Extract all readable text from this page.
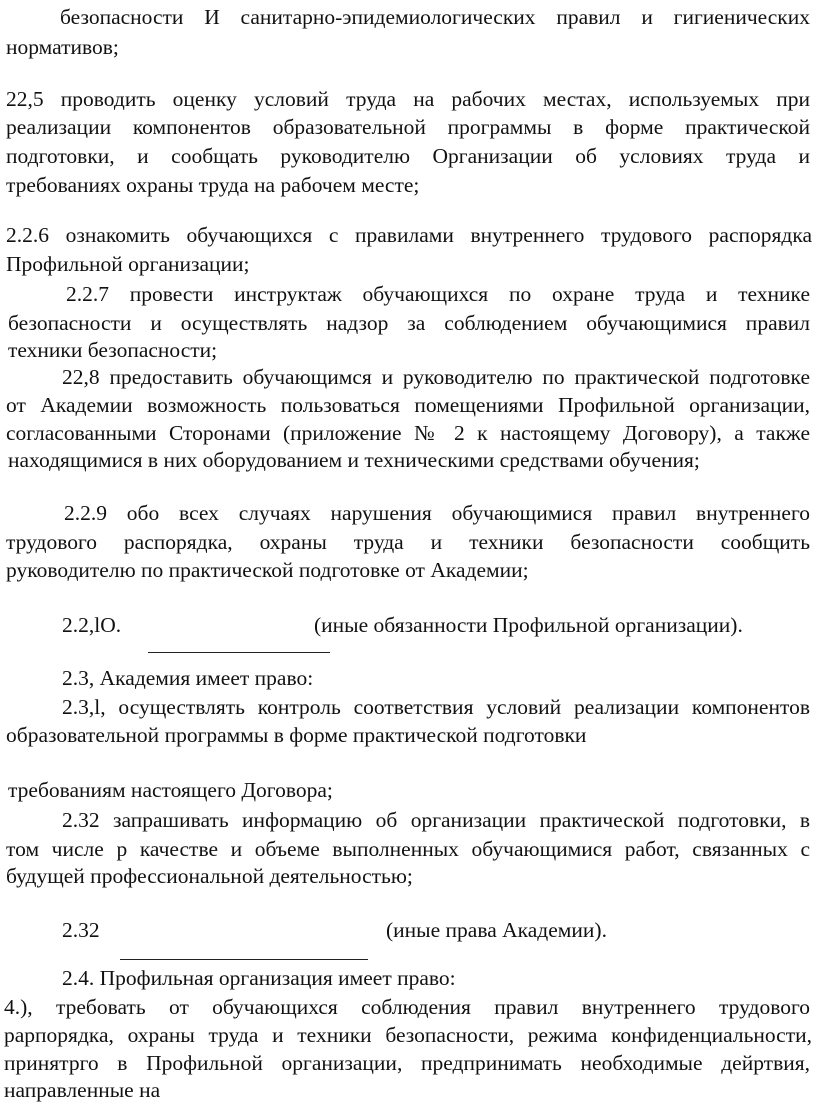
безопасности И санитарно-эпидемиологических правил и гигиенических
нормативов;
22,5 проводить оценку условий труда на рабочих местах, используемых при
реализации компонентов образовательной программы в форме практической
подготовки, и сообщать руководителю Организации об условиях труда и
требованиях охраны труда на рабочем месте;
2.2.6 ознакомить обучающихся с правилами внутреннего трудового распорядка
Профильной организации;
2.2.7 провести инструктаж обучающихся по охране труда и технике
безопасности и осуществлять надзор за соблюдением обучающимися правил
техники безопасности;
22,8 предоставить обучающимся и руководителю по практической подготовке
от Академии возможность пользоваться помещениями Профильной организации,
согласованными Сторонами (приложение № 2 к настоящему Договору), а также
находящимися в них оборудованием и техническими средствами обучения;
2.2.9 обо всех случаях нарушения обучающимися правил внутреннего
трудового распорядка, охраны труда и техники безопасности сообщить
руководителю по практической подготовке от Академии;
2.2,lO.	(иные обязанности Профильной организации).
2.3, Академия имеет право:
2.3,l, осуществлять контроль соответствия условий реализации компонентов
образовательной программы в форме практической подготовки
требованиям настоящего Договора;
2.32 запрашивать информацию об организации практической подготовки, в
том числе р качестве и объеме выполненных обучающимися работ, связанных с
будущей профессиональной деятельностью;
2.32	(иные права Академии).
2.4. Профильная организация имеет право:
4.), требовать от обучающихся соблюдения правил внутреннего трудового
рарпорядка, охраны труда и техники безопасности, режима конфиденциальности,
принятрго в Профильной организации, предпринимать необходимые дейртвия,
направленные на
